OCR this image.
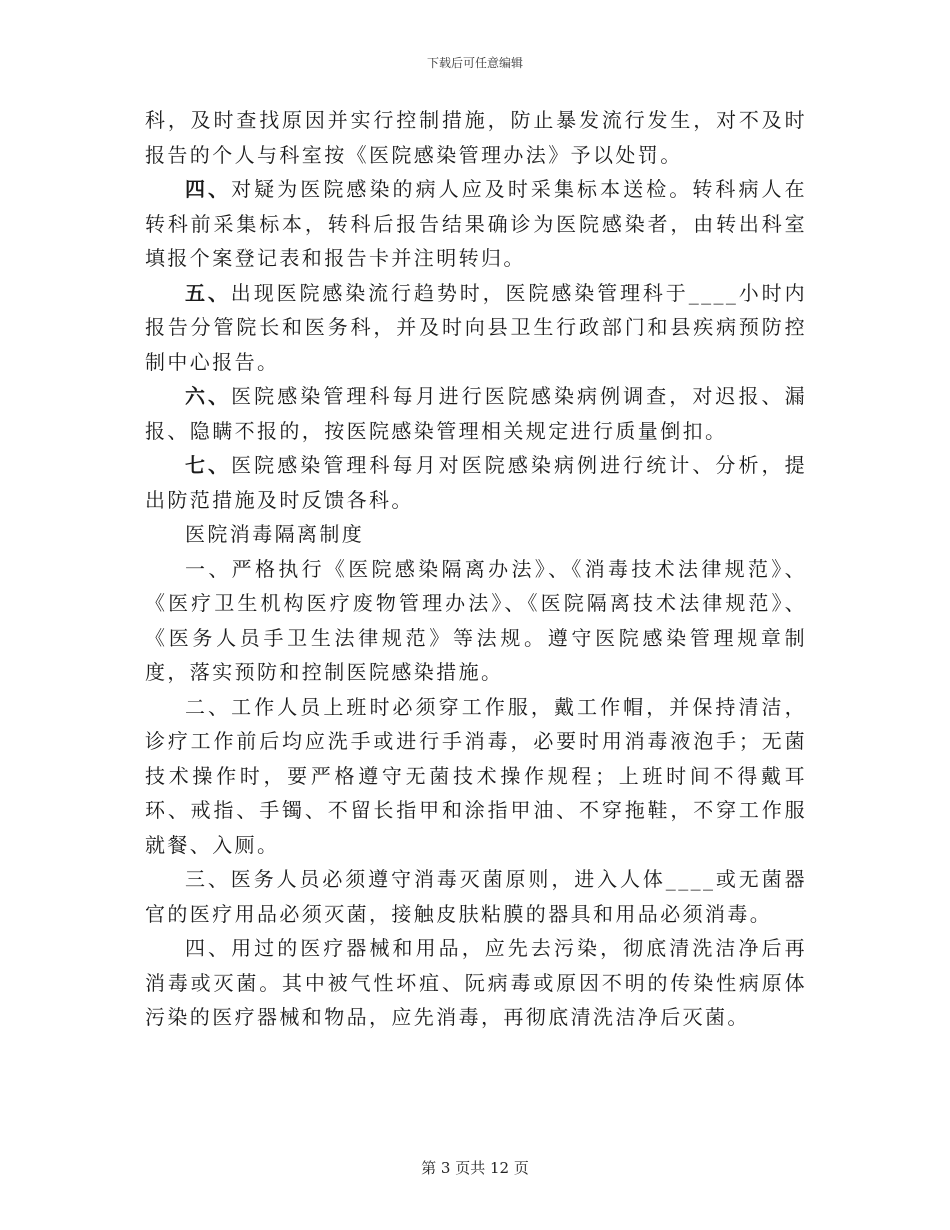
下载后可任意编辑

科，及时查找原因并实行控制措施，防止暴发流行发生，对不及时报告的个人与科室按《医院感染管理办法》予以处罚。

四、对疑为医院感染的病人应及时采集标本送检。转科病人在转科前采集标本，转科后报告结果确诊为医院感染者，由转出科室填报个案登记表和报告卡并注明转归。

五、出现医院感染流行趋势时，医院感染管理科于____小时内报告分管院长和医务科，并及时向县卫生行政部门和县疾病预防控制中心报告。

六、医院感染管理科每月进行医院感染病例调查，对迟报、漏报、隐瞒不报的，按医院感染管理相关规定进行质量倒扣。

七、医院感染管理科每月对医院感染病例进行统计、分析，提出防范措施及时反馈各科。

医院消毒隔离制度

一、严格执行《医院感染隔离办法》、《消毒技术法律规范》、《医疗卫生机构医疗废物管理办法》、《医院隔离技术法律规范》、《医务人员手卫生法律规范》等法规。遵守医院感染管理规章制度，落实预防和控制医院感染措施。

二、工作人员上班时必须穿工作服，戴工作帽，并保持清洁，诊疗工作前后均应洗手或进行手消毒，必要时用消毒液泡手；无菌技术操作时，要严格遵守无菌技术操作规程；上班时间不得戴耳环、戒指、手镯、不留长指甲和涂指甲油、不穿拖鞋，不穿工作服就餐、入厕。

三、医务人员必须遵守消毒灭菌原则，进入人体____或无菌器官的医疗用品必须灭菌，接触皮肤粘膜的器具和用品必须消毒。

四、用过的医疗器械和用品，应先去污染，彻底清洗洁净后再消毒或灭菌。其中被气性坏疽、阮病毒或原因不明的传染性病原体污染的医疗器械和物品，应先消毒，再彻底清洗洁净后灭菌。

第 3 页共 12 页
